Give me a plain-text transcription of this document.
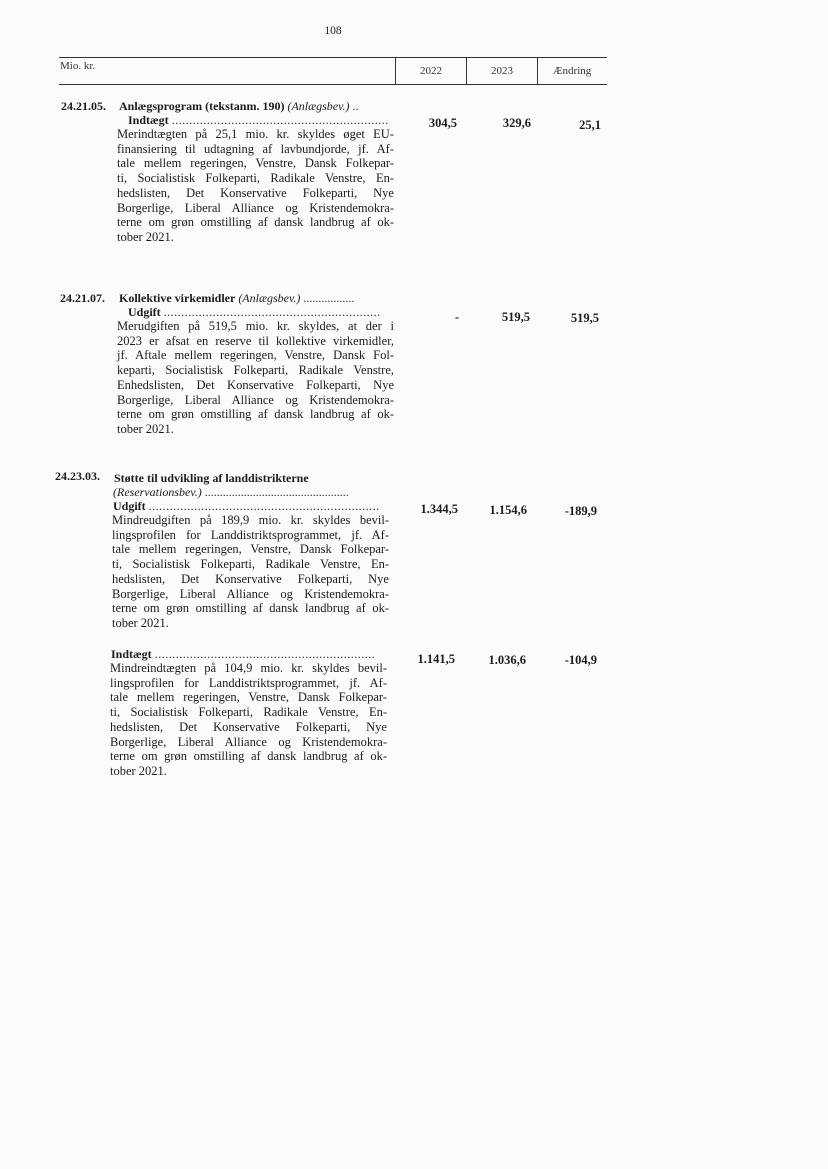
108
Mio. kr.	2022	2023	Ændring
24.21.05. Anlægsprogram (tekstanm. 190) (Anlægsbev.) ..
Indtægt ..............................................................	304,5	329,6	25,1
Merindtægten på 25,1 mio. kr. skyldes øget EU-
finansiering til udtagning af lavbundjorde, jf. Af-
tale mellem regeringen, Venstre, Dansk Folkepar-
ti, Socialistisk Folkeparti, Radikale Venstre, En-
hedslisten, Det Konservative Folkeparti, Nye
Borgerlige, Liberal Alliance og Kristendemokra-
terne om grøn omstilling af dansk landbrug af ok-
tober 2021.
24.21.07. Kollektive virkemidler (Anlægsbev.) .................
Udgift ..............................................................	-	519,5	519,5
Merudgiften på 519,5 mio. kr. skyldes, at der i
2023 er afsat en reserve til kollektive virkemidler,
jf. Aftale mellem regeringen, Venstre, Dansk Fol-
keparti, Socialistisk Folkeparti, Radikale Venstre,
Enhedslisten, Det Konservative Folkeparti, Nye
Borgerlige, Liberal Alliance og Kristendemokra-
terne om grøn omstilling af dansk landbrug af ok-
tober 2021.
24.23.03. Støtte til udvikling af landdistrikterne
(Reservationsbev.) ................................................
Udgift ..................................................................	1.344,5	1.154,6	-189,9
Mindreudgiften på 189,9 mio. kr. skyldes bevil-
lingsprofilen for Landdistriktsprogrammet, jf. Af-
tale mellem regeringen, Venstre, Dansk Folkepar-
ti, Socialistisk Folkeparti, Radikale Venstre, En-
hedslisten, Det Konservative Folkeparti, Nye
Borgerlige, Liberal Alliance og Kristendemokra-
terne om grøn omstilling af dansk landbrug af ok-
tober 2021.
Indtægt ...............................................................	1.141,5	1.036,6	-104,9
Mindreindtægten på 104,9 mio. kr. skyldes bevil-
lingsprofilen for Landdistriktsprogrammet, jf. Af-
tale mellem regeringen, Venstre, Dansk Folkepar-
ti, Socialistisk Folkeparti, Radikale Venstre, En-
hedslisten, Det Konservative Folkeparti, Nye
Borgerlige, Liberal Alliance og Kristendemokra-
terne om grøn omstilling af dansk landbrug af ok-
tober 2021.
